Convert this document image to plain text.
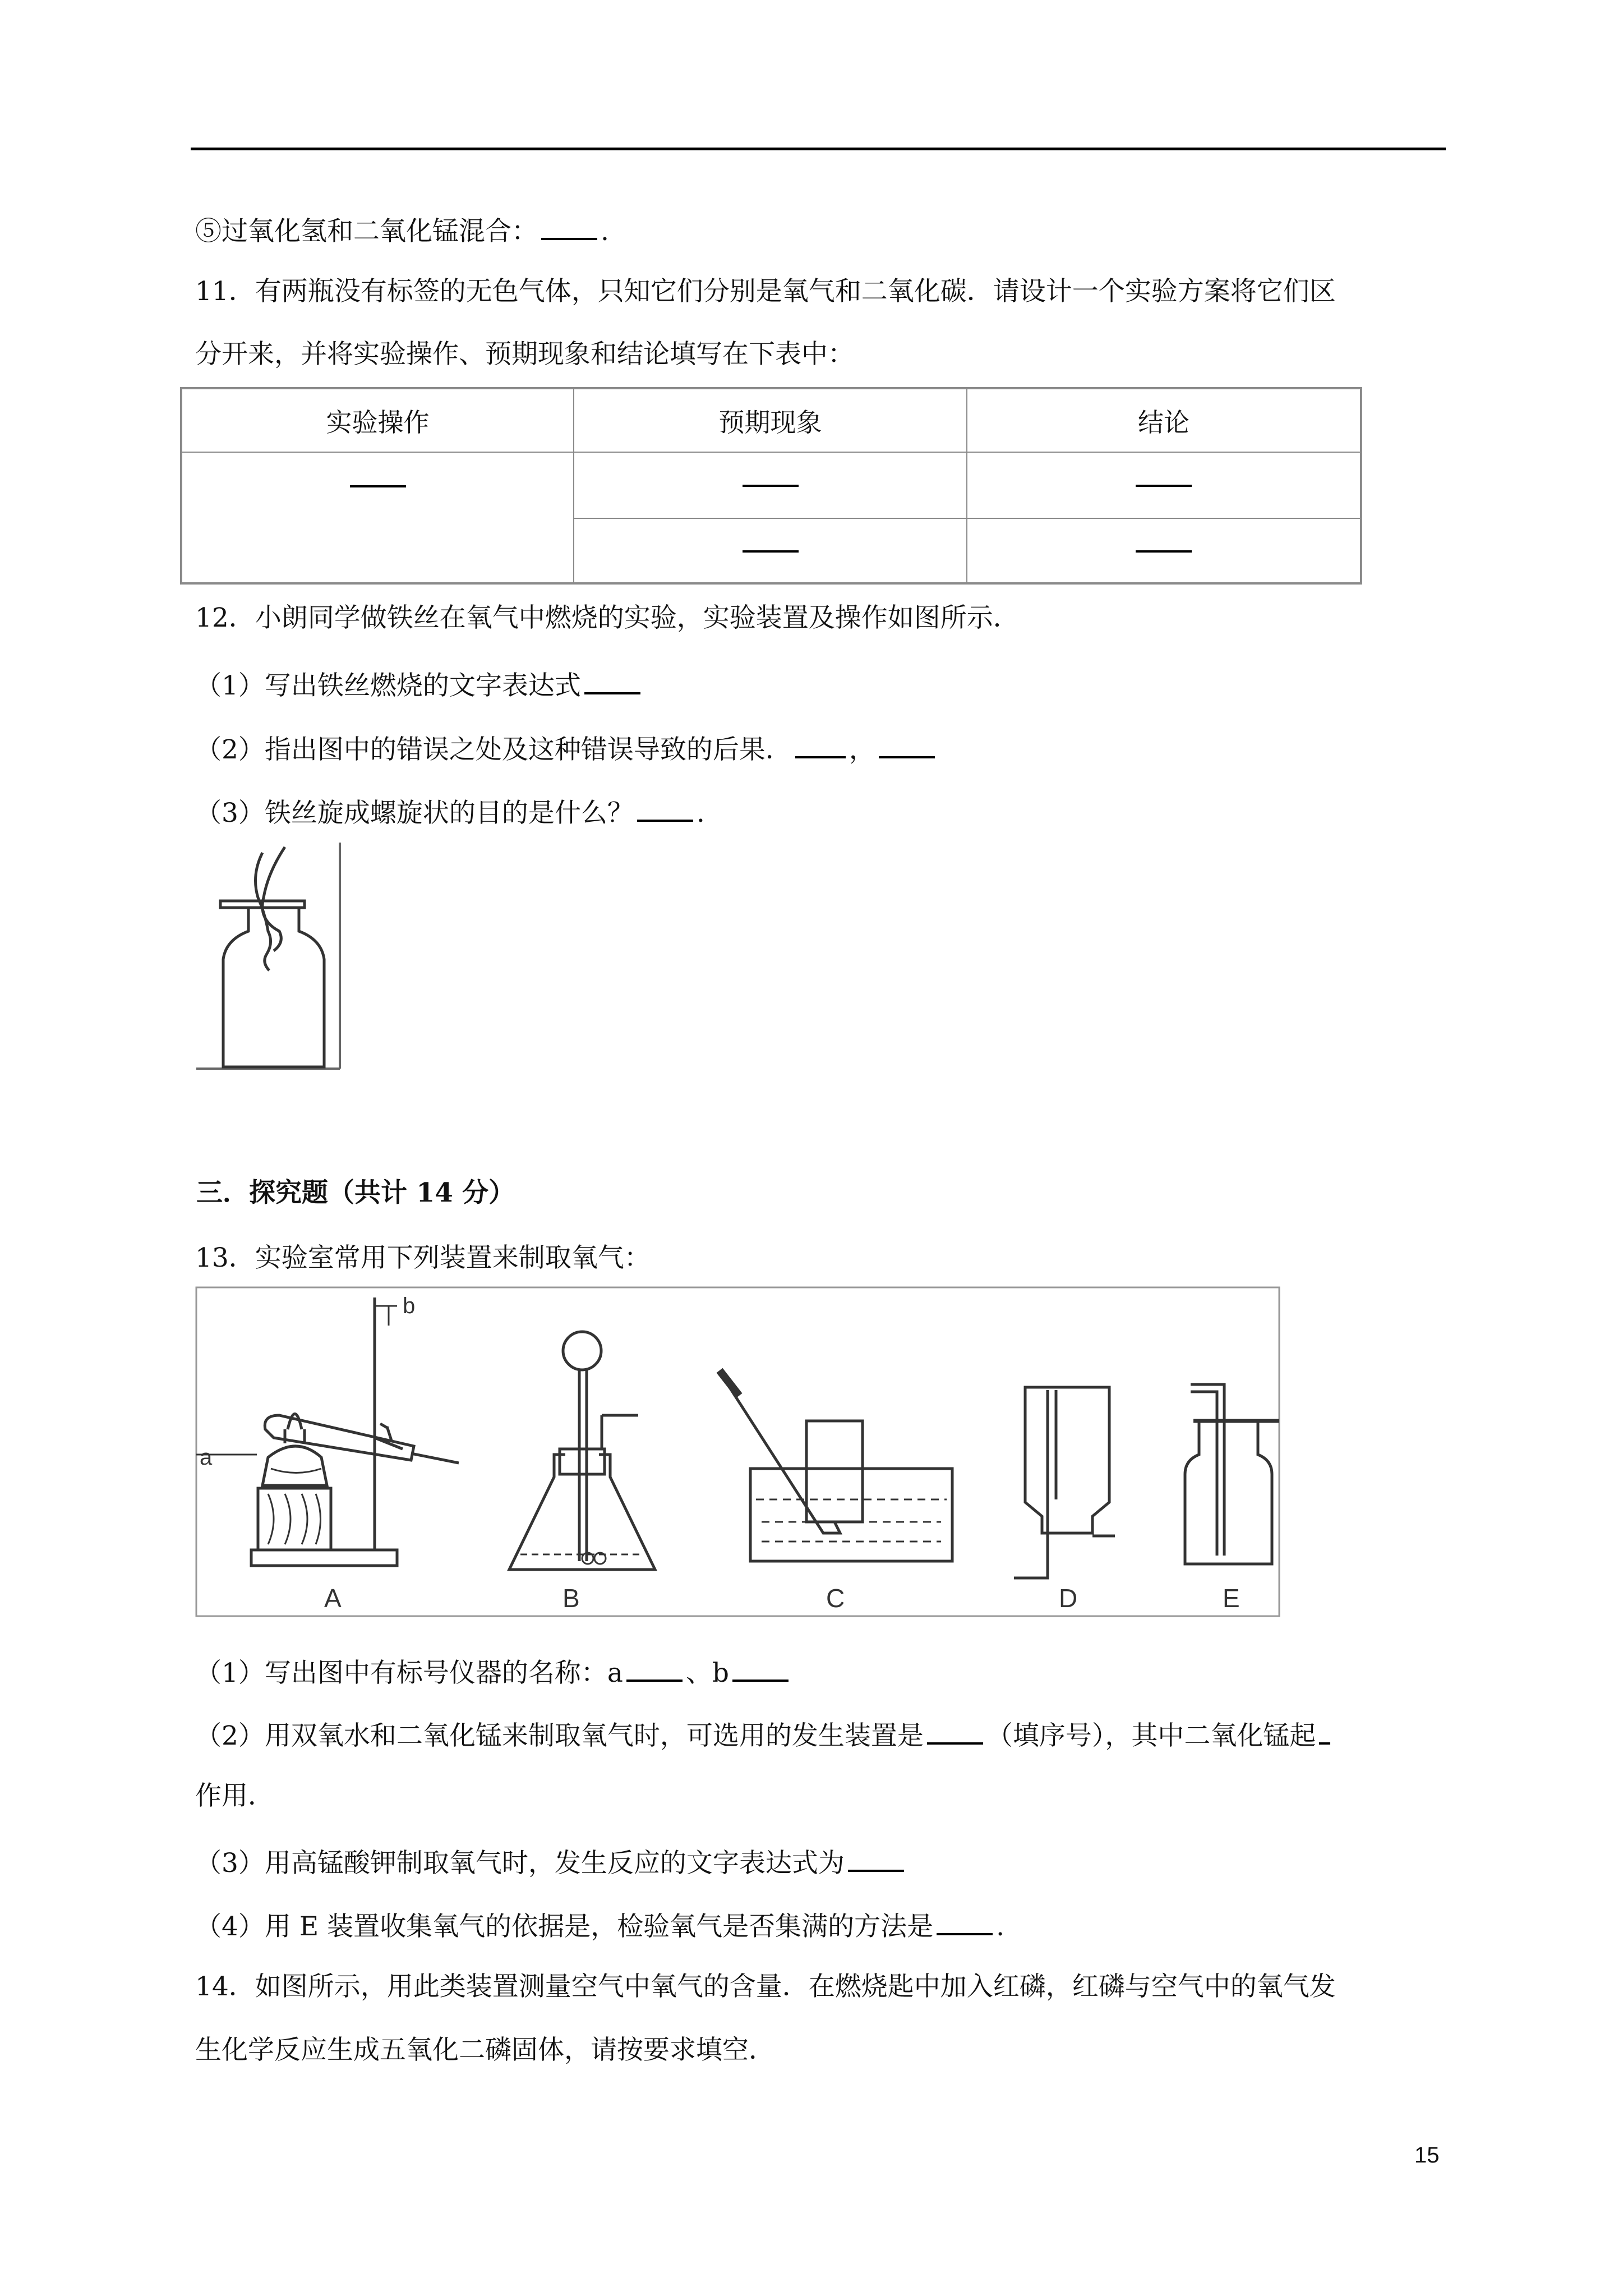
⑤过氧化氢和二氧化锰混合： .
11．有两瓶没有标签的无色气体，只知它们分别是氧气和二氧化碳．请设计一个实验方案将它们区
分开来，并将实验操作、预期现象和结论填写在下表中：
实验操作	预期现象	结论
12．小朗同学做铁丝在氧气中燃烧的实验，实验装置及操作如图所示．
（1）写出铁丝燃烧的文字表达式
（2）指出图中的错误之处及这种错误导致的后果． ，
（3）铁丝旋成螺旋状的目的是什么？ .
三．探究题（共计 14 分）
13．实验室常用下列装置来制取氧气：
a
b
A	B	C	D	E
（1）写出图中有标号仪器的名称：a 、b
（2）用双氧水和二氧化锰来制取氧气时，可选用的发生装置是 （填序号），其中二氧化锰起
作用．
（3）用高锰酸钾制取氧气时，发生反应的文字表达式为
（4）用 E 装置收集氧气的依据是，检验氧气是否集满的方法是 .
14．如图所示，用此类装置测量空气中氧气的含量．在燃烧匙中加入红磷，红磷与空气中的氧气发
生化学反应生成五氧化二磷固体，请按要求填空．
15
